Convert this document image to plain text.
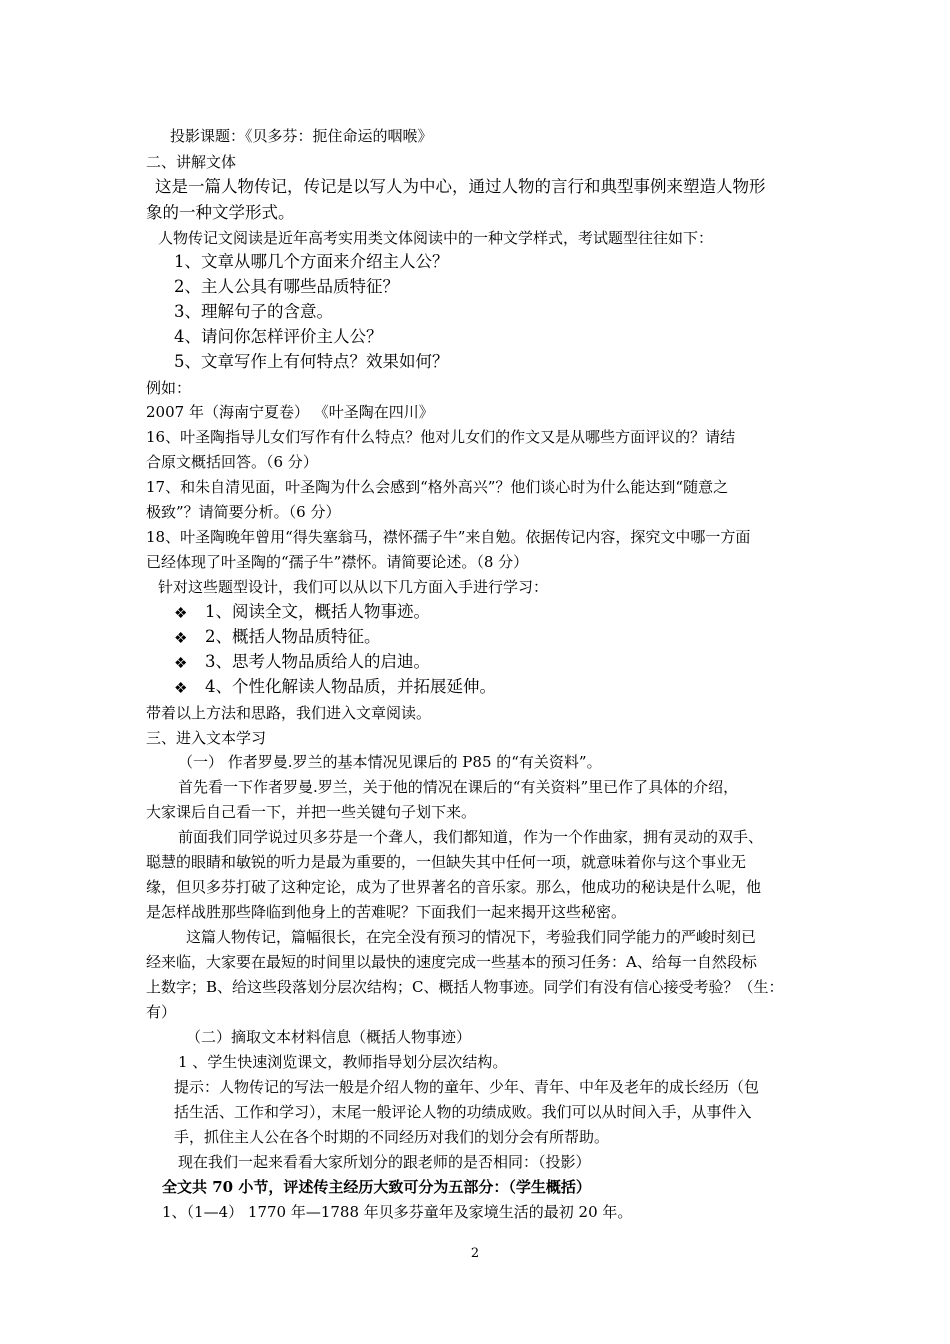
投影课题：《贝多芬：扼住命运的咽喉》
二、讲解文体
这是一篇人物传记，传记是以写人为中心，通过人物的言行和典型事例来塑造人物形
象的一种文学形式。
人物传记文阅读是近年高考实用类文体阅读中的一种文学样式，考试题型往往如下：
1、文章从哪几个方面来介绍主人公？
2、主人公具有哪些品质特征？
3、理解句子的含意。
4、请问你怎样评价主人公？
5、文章写作上有何特点？效果如何？
例如：
2007 年（海南宁夏卷） 《叶圣陶在四川》
16、叶圣陶指导儿女们写作有什么特点？他对儿女们的作文又是从哪些方面评议的？请结
合原文概括回答。（6 分）
17、和朱自清见面，叶圣陶为什么会感到“格外高兴”？他们谈心时为什么能达到“随意之
极致”？请简要分析。（6 分）
18、叶圣陶晚年曾用“得失塞翁马，襟怀孺子牛”来自勉。依据传记内容，探究文中哪一方面
已经体现了叶圣陶的“孺子牛”襟怀。请简要论述。（8 分）
针对这些题型设计，我们可以从以下几方面入手进行学习：
❖ 1、阅读全文，概括人物事迹。
❖ 2、概括人物品质特征。
❖ 3、思考人物品质给人的启迪。
❖ 4、个性化解读人物品质，并拓展延伸。
带着以上方法和思路，我们进入文章阅读。
三、进入文本学习
（一） 作者罗曼.罗兰的基本情况见课后的 P85 的“有关资料”。
首先看一下作者罗曼.罗兰，关于他的情况在课后的“有关资料”里已作了具体的介绍，
大家课后自己看一下，并把一些关键句子划下来。
前面我们同学说过贝多芬是一个聋人，我们都知道，作为一个作曲家，拥有灵动的双手、
聪慧的眼睛和敏锐的听力是最为重要的，一但缺失其中任何一项，就意味着你与这个事业无
缘，但贝多芬打破了这种定论，成为了世界著名的音乐家。那么，他成功的秘诀是什么呢，他
是怎样战胜那些降临到他身上的苦难呢？下面我们一起来揭开这些秘密。
这篇人物传记，篇幅很长，在完全没有预习的情况下，考验我们同学能力的严峻时刻已
经来临，大家要在最短的时间里以最快的速度完成一些基本的预习任务：A、给每一自然段标
上数字；B、给这些段落划分层次结构；C、概括人物事迹。同学们有没有信心接受考验？（生：
有）
（二）摘取文本材料信息（概括人物事迹）
1 、学生快速浏览课文，教师指导划分层次结构。
提示：人物传记的写法一般是介绍人物的童年、少年、青年、中年及老年的成长经历（包
括生活、工作和学习），末尾一般评论人物的功绩成败。我们可以从时间入手，从事件入
手，抓住主人公在各个时期的不同经历对我们的划分会有所帮助。
现在我们一起来看看大家所划分的跟老师的是否相同：（投影）
全文共 70 小节，评述传主经历大致可分为五部分：（学生概括）
1、（1—4） 1770 年—1788 年贝多芬童年及家境生活的最初 20 年。
2
